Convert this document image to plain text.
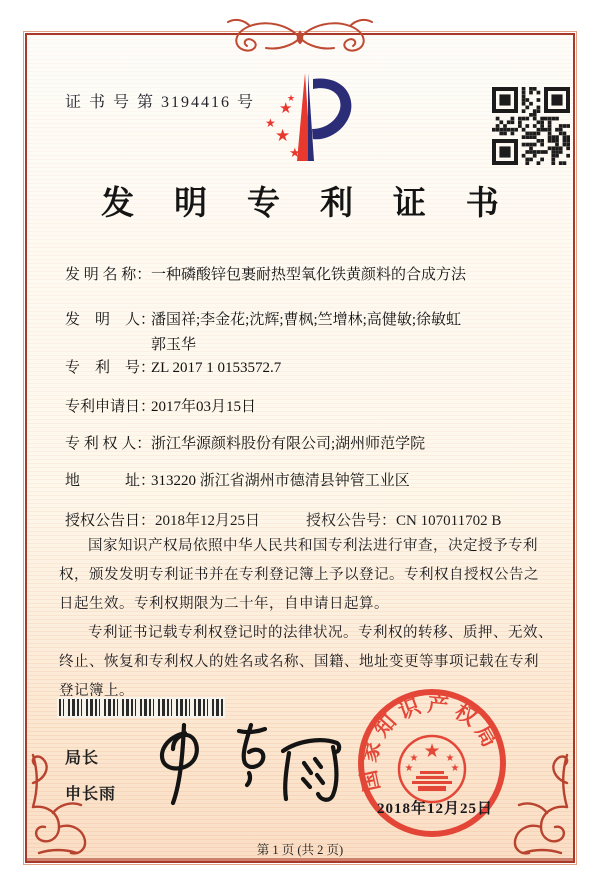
证 书 号 第 3194416 号 ★
★
★
★
★
发 明 专 利 证 书
发 明 名 称： 一种磷酸锌包裹耐热型氧化铁黄颜料的合成方法
发　明　人：
潘国祥;李金花;沈辉;曹枫;竺增林;高健敏;徐敏虹
郭玉华
专　利　号：
ZL 2017 1 0153572.7
专利申请日：
2017年03月15日
专 利 权 人： 浙江华源颜料股份有限公司;湖州师范学院
地　　　址：
313220 浙江省湖州市德清县钟管工业区
授权公告日： 2018年12月25日	授权公告号： CN 107011702 B

国家知识产权局依照中华人民共和国专利法进行审查，决定授予专利权，颁发发明专利证书并在专利登记簿上予以登记。专利权自授权公告之日起生效。专利权期限为二十年，自申请日起算。

专利证书记载专利权登记时的法律状况。专利权的转移、质押、无效、终止、恢复和专利权人的姓名或名称、国籍、地址变更等事项记载在专利登记簿上。

局长
申长雨
国 家 知 识 产 权 局
★
★	★
★	★
2018年12月25日
第 1 页 (共 2 页)
